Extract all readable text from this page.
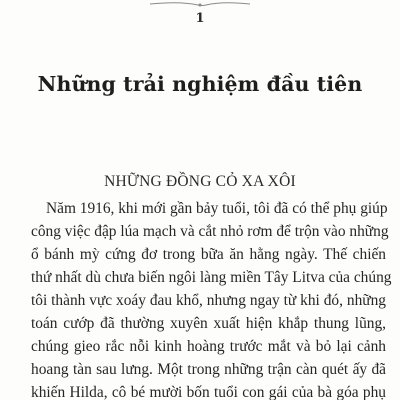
1
Những trải nghiệm đầu tiên
NHỮNG ĐỒNG CỎ XA XÔI
Năm 1916, khi mới gần bảy tuổi, tôi đã có thể phụ giúp
công việc đập lúa mạch và cắt nhỏ rơm để trộn vào những
ổ bánh mỳ cứng đơ trong bữa ăn hằng ngày. Thế chiến
thứ nhất dù chưa biến ngôi làng miền Tây Litva của chúng
tôi thành vực xoáy đau khổ, nhưng ngay từ khi đó, những
toán cướp đã thường xuyên xuất hiện khắp thung lũng,
chúng gieo rắc nỗi kinh hoàng trước mắt và bỏ lại cảnh
hoang tàn sau lưng. Một trong những trận càn quét ấy đã
khiến Hilda, cô bé mười bốn tuổi con gái của bà góa phụ
